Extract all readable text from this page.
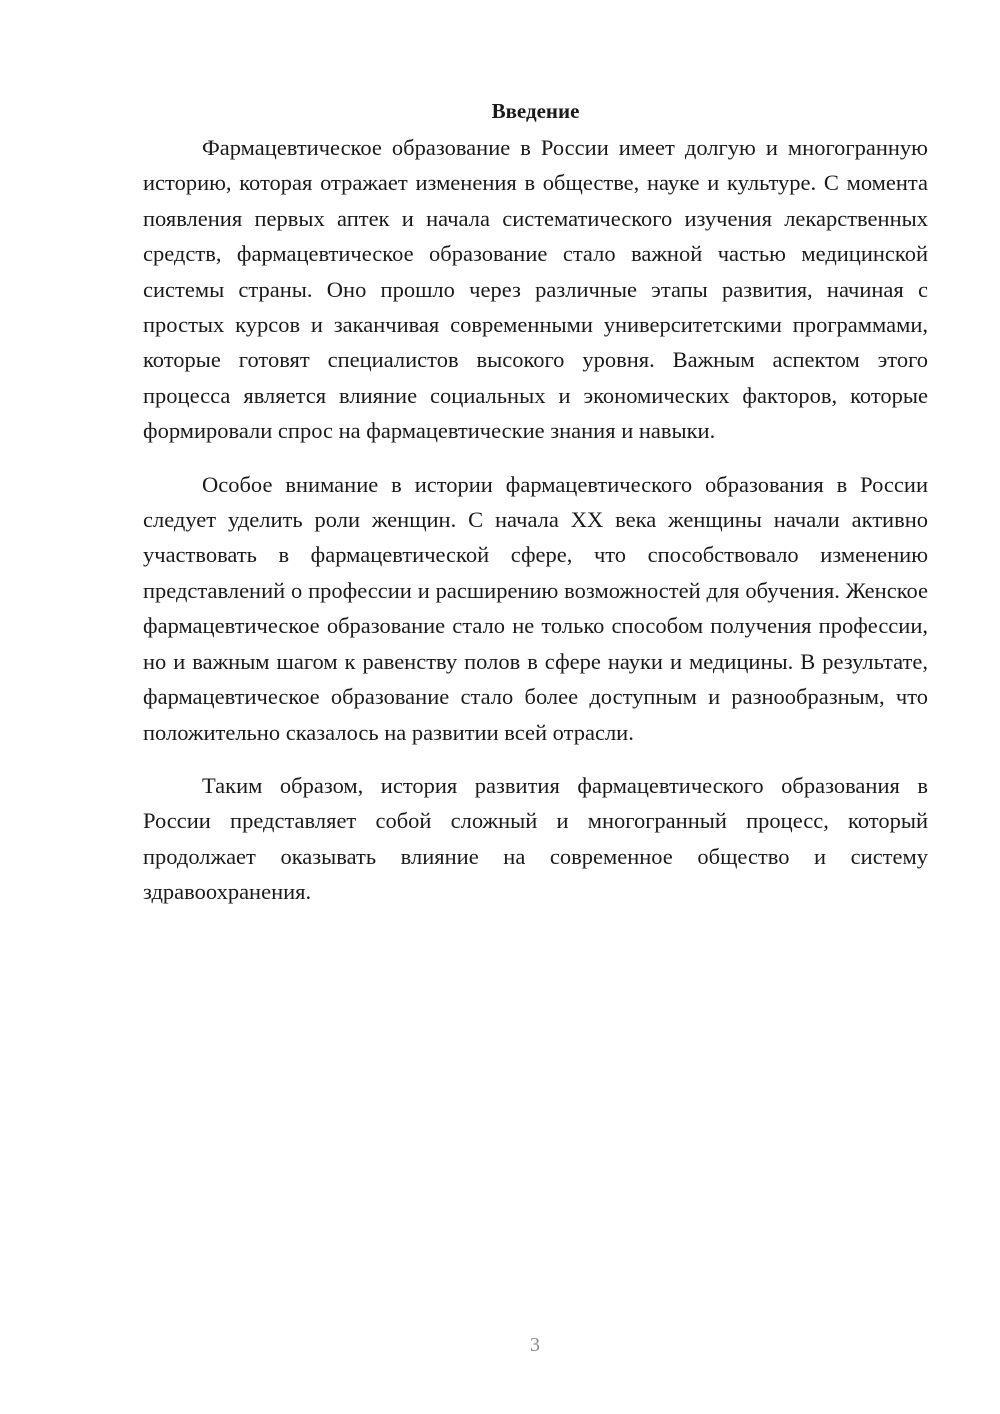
Введение

Фармацевтическое образование в России имеет долгую и многогранную историю, которая отражает изменения в обществе, науке и культуре. С момента появления первых аптек и начала систематического изучения лекарственных средств, фармацевтическое образование стало важной частью медицинской системы страны. Оно прошло через различные этапы развития, начиная с простых курсов и заканчивая современными университетскими программами, которые готовят специалистов высокого уровня. Важным аспектом этого процесса является влияние социальных и экономических факторов, которые формировали спрос на фармацевтические знания и навыки.

Особое внимание в истории фармацевтического образования в России следует уделить роли женщин. С начала XX века женщины начали активно участвовать в фармацевтической сфере, что способствовало изменению представлений о профессии и расширению возможностей для обучения. Женское фармацевтическое образование стало не только способом получения профессии, но и важным шагом к равенству полов в сфере науки и медицины. В результате, фармацевтическое образование стало более доступным и разнообразным, что положительно сказалось на развитии всей отрасли.

Таким образом, история развития фармацевтического образования в России представляет собой сложный и многогранный процесс, который продолжает оказывать влияние на современное общество и систему здравоохранения.

3
